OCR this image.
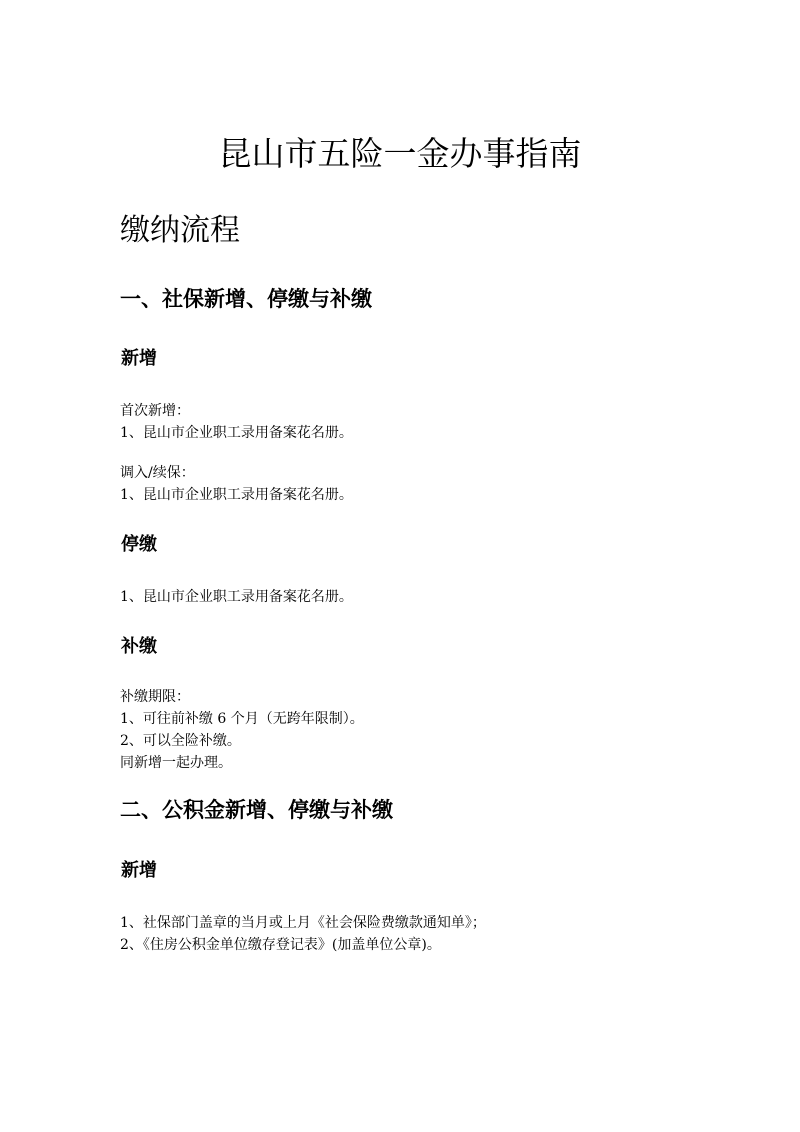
昆山市五险一金办事指南
缴纳流程
一、社保新增、停缴与补缴
新增

首次新增：

1、昆山市企业职工录用备案花名册。

调入/续保：

1、昆山市企业职工录用备案花名册。

停缴

1、昆山市企业职工录用备案花名册。

补缴

补缴期限：

1、可往前补缴 6 个月（无跨年限制）。

2、可以全险补缴。

同新增一起办理。

二、公积金新增、停缴与补缴
新增

1、社保部门盖章的当月或上月《社会保险费缴款通知单》；

2、《住房公积金单位缴存登记表》(加盖单位公章)。
